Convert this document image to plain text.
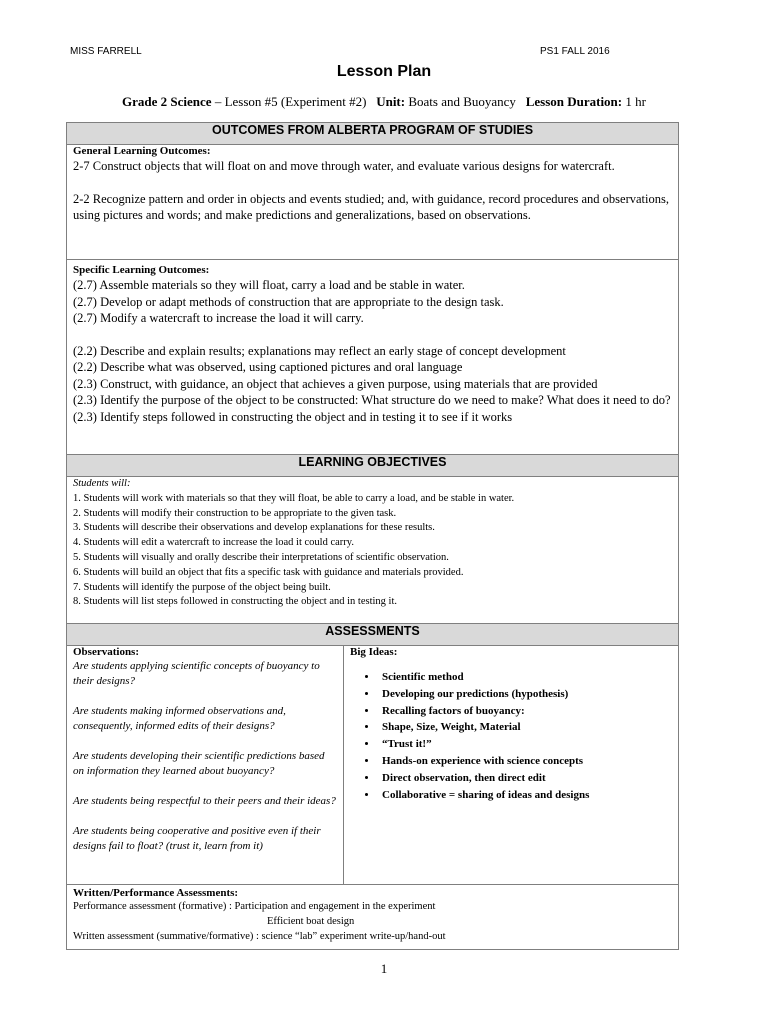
MISS FARRELL	PS1 FALL 2016
Lesson Plan
Grade 2 Science – Lesson #5 (Experiment #2) Unit: Boats and Buoyancy Lesson Duration: 1 hr
OUTCOMES FROM ALBERTA PROGRAM OF STUDIES

General Learning Outcomes:

2-7 Construct objects that will float on and move through water, and evaluate various designs for watercraft.

2-2 Recognize pattern and order in objects and events studied; and, with guidance, record procedures and observations, using pictures and words; and make predictions and generalizations, based on observations.

Specific Learning Outcomes:

(2.7) Assemble materials so they will float, carry a load and be stable in water.

(2.7) Develop or adapt methods of construction that are appropriate to the design task.

(2.7) Modify a watercraft to increase the load it will carry.

(2.2) Describe and explain results; explanations may reflect an early stage of concept development

(2.2) Describe what was observed, using captioned pictures and oral language

(2.3) Construct, with guidance, an object that achieves a given purpose, using materials that are provided

(2.3) Identify the purpose of the object to be constructed: What structure do we need to make? What does it need to do?

(2.3) Identify steps followed in constructing the object and in testing it to see if it works

LEARNING OBJECTIVES

Students will:

1. Students will work with materials so that they will float, be able to carry a load, and be stable in water.

2. Students will modify their construction to be appropriate to the given task.

3. Students will describe their observations and develop explanations for these results.

4. Students will edit a watercraft to increase the load it could carry.

5. Students will visually and orally describe their interpretations of scientific observation.

6. Students will build an object that fits a specific task with guidance and materials provided.

7. Students will identify the purpose of the object being built.

8. Students will list steps followed in constructing the object and in testing it.

ASSESSMENTS

Observations:

Are students applying scientific concepts of buoyancy to their designs?

Are students making informed observations and, consequently, informed edits of their designs?

Are students developing their scientific predictions based on information they learned about buoyancy?

Are students being respectful to their peers and their ideas?

Are students being cooperative and positive even if their designs fail to float? (trust it, learn from it)

Big Ideas:

• Scientific method
• Developing our predictions (hypothesis)
• Recalling factors of buoyancy:
• Shape, Size, Weight, Material
• “Trust it!”
• Hands-on experience with science concepts
• Direct observation, then direct edit
• Collaborative = sharing of ideas and designs

Written/Performance Assessments:

Performance assessment (formative) : Participation and engagement in the experiment

Efficient boat design

Written assessment (summative/formative) : science “lab” experiment write-up/hand-out

1
